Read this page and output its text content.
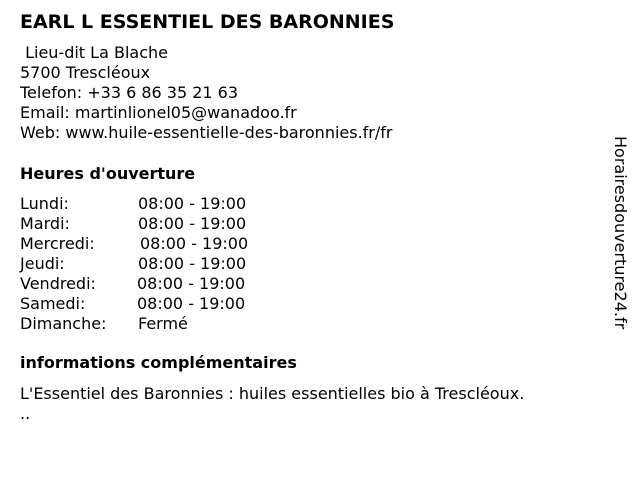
EARL L ESSENTIEL DES BARONNIES
Lieu-dit La Blache
5700 Trescléoux
Telefon: +33 6 86 35 21 63
Email: martinlionel05@wanadoo.fr
Web: www.huile-essentielle-des-baronnies.fr/fr
Heures d'ouverture
Lundi:	08:00 - 19:00
Mardi:	08:00 - 19:00
Mercredi:	08:00 - 19:00
Jeudi:	08:00 - 19:00
Vendredi:	08:00 - 19:00
Samedi:	08:00 - 19:00
Dimanche: Fermé
informations complémentaires
L'Essentiel des Baronnies : huiles essentielles bio à Trescléoux.
..
Horairesdouverture24.fr
